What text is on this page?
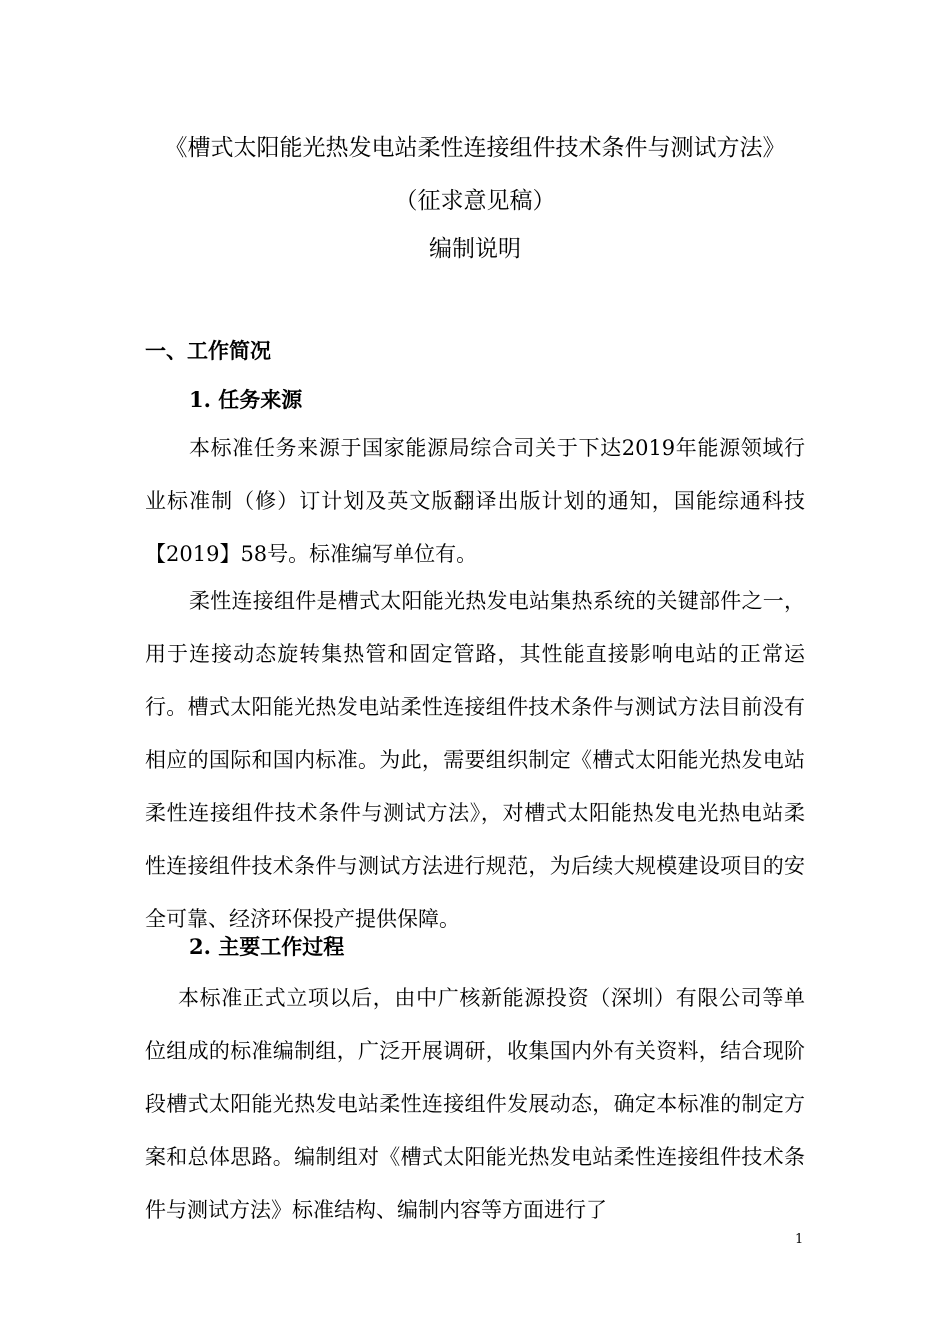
《槽式太阳能光热发电站柔性连接组件技术条件与测试方法》
（征求意见稿）
编制说明
一、工作简况
1. 任务来源

本标准任务来源于国家能源局综合司关于下达2019年能源领域行业标准制（修）订计划及英文版翻译出版计划的通知，国能综通科技【2019】58号。标准编写单位有。

柔性连接组件是槽式太阳能光热发电站集热系统的关键部件之一，用于连接动态旋转集热管和固定管路，其性能直接影响电站的正常运行。槽式太阳能光热发电站柔性连接组件技术条件与测试方法目前没有相应的国际和国内标准。为此，需要组织制定《槽式太阳能光热发电站柔性连接组件技术条件与测试方法》，对槽式太阳能热发电光热电站柔性连接组件技术条件与测试方法进行规范，为后续大规模建设项目的安全可靠、经济环保投产提供保障。

2. 主要工作过程

本标准正式立项以后，由中广核新能源投资（深圳）有限公司等单位组成的标准编制组，广泛开展调研，收集国内外有关资料，结合现阶段槽式太阳能光热发电站柔性连接组件发展动态，确定本标准的制定方案和总体思路。编制组对《槽式太阳能光热发电站柔性连接组件技术条件与测试方法》标准结构、编制内容等方面进行了

1
